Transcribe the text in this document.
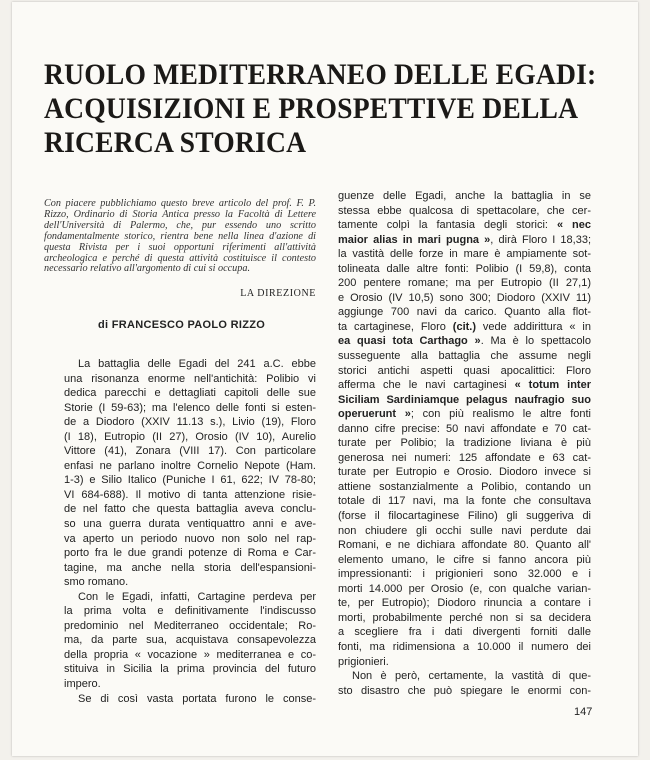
RUOLO MEDITERRANEO DELLE EGADI:
ACQUISIZIONI E PROSPETTIVE DELLA
RICERCA STORICA
Con piacere pubblichiamo questo breve articolo del prof. F. P. Rizzo, Ordinario di Storia Antica presso la Facoltà di Lettere dell'Università di Palermo, che, pur essendo uno scritto fondamentalmente storico, rientra bene nella linea d'azione di questa Rivista per i suoi opportuni riferimenti all'attività archeologica e perché di questa attività costituisce il contesto necessario relativo all'argomento di cui si occupa.
LA DIREZIONE
di FRANCESCO PAOLO RIZZO
La battaglia delle Egadi del 241 a.C. ebbe
una risonanza enorme nell'antichità: Polibio vi
dedica parecchi e dettagliati capitoli delle sue
Storie (I 59-63); ma l'elenco delle fonti si esten-
de a Diodoro (XXIV 11.13 s.), Livio (19), Floro
(I 18), Eutropio (II 27), Orosio (IV 10), Aurelio
Vittore (41), Zonara (VIII 17). Con particolare
enfasi ne parlano inoltre Cornelio Nepote (Ham.
1-3) e Silio Italico (Puniche I 61, 622; IV 78-80;
VI 684-688). Il motivo di tanta attenzione risie-
de nel fatto che questa battaglia aveva conclu-
so una guerra durata ventiquattro anni e ave-
va aperto un periodo nuovo non solo nel rap-
porto fra le due grandi potenze di Roma e Car-
tagine, ma anche nella storia dell'espansioni-
smo romano.
Con le Egadi, infatti, Cartagine perdeva per
la prima volta e definitivamente l'indiscusso
predominio nel Mediterraneo occidentale; Ro-
ma, da parte sua, acquistava consapevolezza
della propria « vocazione » mediterranea e co-
stituiva in Sicilia la prima provincia del futuro
impero.
Se di così vasta portata furono le conse-
guenze delle Egadi, anche la battaglia in se
stessa ebbe qualcosa di spettacolare, che cer-
tamente colpì la fantasia degli storici: « nec
maior alias in mari pugna », dirà Floro I 18,33;
la vastità delle forze in mare è ampiamente sot-
tolineata dalle altre fonti: Polibio (I 59,8), conta
200 pentere romane; ma per Eutropio (II 27,1)
e Orosio (IV 10,5) sono 300; Diodoro (XXIV 11)
aggiunge 700 navi da carico. Quanto alla flot-
ta cartaginese, Floro (cit.) vede addirittura « in
ea quasi tota Carthago ». Ma è lo spettacolo
susseguente alla battaglia che assume negli
storici antichi aspetti quasi apocalittici: Floro
afferma che le navi cartaginesi « totum inter
Siciliam Sardiniamque pelagus naufragio suo
operuerunt »; con più realismo le altre fonti
danno cifre precise: 50 navi affondate e 70 cat-
turate per Polibio; la tradizione liviana è più
generosa nei numeri: 125 affondate e 63 cat-
turate per Eutropio e Orosio. Diodoro invece si
attiene sostanzialmente a Polibio, contando un
totale di 117 navi, ma la fonte che consultava
(forse il filocartaginese Filino) gli suggeriva di
non chiudere gli occhi sulle navi perdute dai
Romani, e ne dichiara affondate 80. Quanto all'
elemento umano, le cifre si fanno ancora più
impressionanti: i prigionieri sono 32.000 e i
morti 14.000 per Orosio (e, con qualche varian-
te, per Eutropio); Diodoro rinuncia a contare i
morti, probabilmente perché non si sa decidera
a scegliere fra i dati divergenti forniti dalle
fonti, ma ridimensiona a 10.000 il numero dei
prigionieri.
Non è però, certamente, la vastità di que-
sto disastro che può spiegare le enormi con-
147
